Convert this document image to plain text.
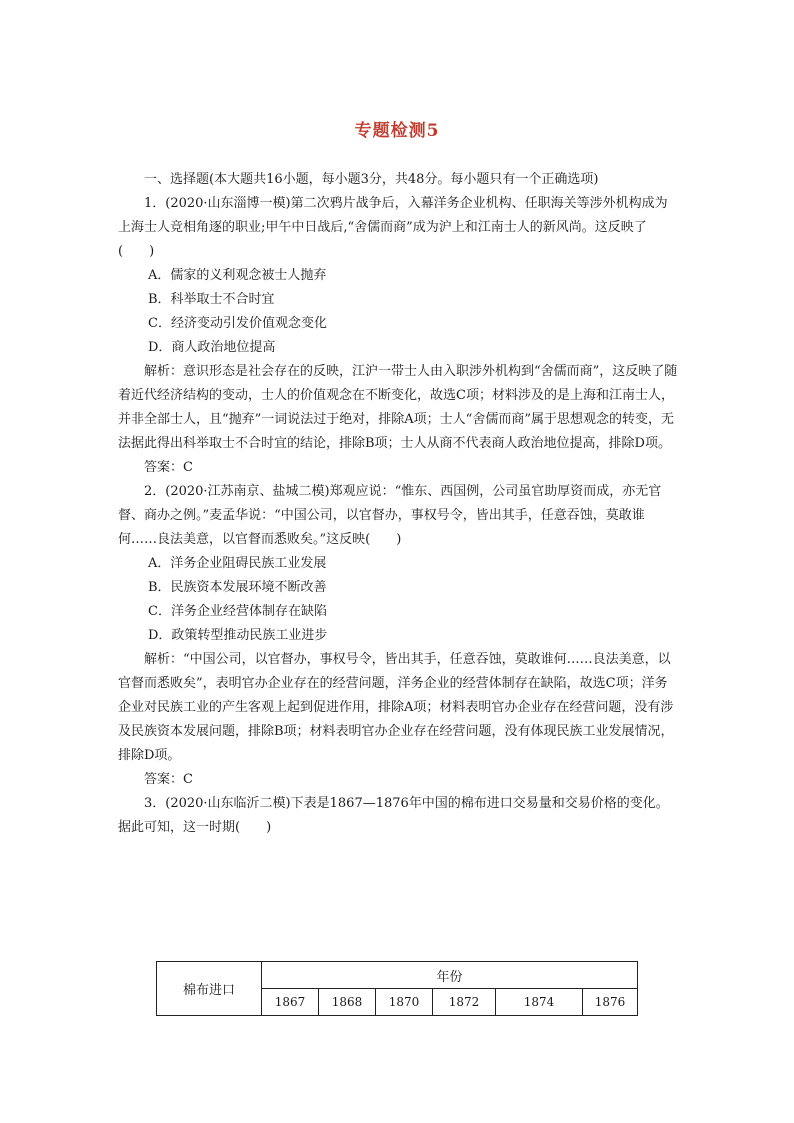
专题检测5

一、选择题(本大题共16小题，每小题3分，共48分。每小题只有一个正确选项)

1．(2020·山东淄博一模)第二次鸦片战争后，入幕洋务企业机构、任职海关等涉外机构成为上海士人竞相角逐的职业;甲午中日战后,“舍儒而商”成为沪上和江南士人的新风尚。这反映了(　　)

A．儒家的义利观念被士人抛弃

B．科举取士不合时宜

C．经济变动引发价值观念变化

D．商人政治地位提高

解析：意识形态是社会存在的反映，江沪一带士人由入职涉外机构到“舍儒而商”，这反映了随着近代经济结构的变动，士人的价值观念在不断变化，故选C项；材料涉及的是上海和江南士人，并非全部士人，且“抛弃”一词说法过于绝对，排除A项；士人“舍儒而商”属于思想观念的转变，无法据此得出科举取士不合时宜的结论，排除B项；士人从商不代表商人政治地位提高，排除D项。

答案：C

2．(2020·江苏南京、盐城二模)郑观应说：“惟东、西国例，公司虽官助厚资而成，亦无官督、商办之例。”麦孟华说：“中国公司，以官督办，事权号令，皆出其手，任意吞蚀，莫敢谁何……良法美意，以官督而悉败矣。”这反映(　　)

A．洋务企业阻碍民族工业发展

B．民族资本发展环境不断改善

C．洋务企业经营体制存在缺陷

D．政策转型推动民族工业进步

解析：“中国公司，以官督办，事权号令，皆出其手，任意吞蚀，莫敢谁何……良法美意，以官督而悉败矣”，表明官办企业存在的经营问题，洋务企业的经营体制存在缺陷，故选C项；洋务企业对民族工业的产生客观上起到促进作用，排除A项；材料表明官办企业存在经营问题，没有涉及民族资本发展问题，排除B项；材料表明官办企业存在经营问题，没有体现民族工业发展情况，排除D项。

答案：C

3．(2020·山东临沂二模)下表是1867—1876年中国的棉布进口交易量和交易价格的变化。据此可知，这一时期(　　)

棉布进口	年份					
	1867	1868	1870	1872	1874	1876
